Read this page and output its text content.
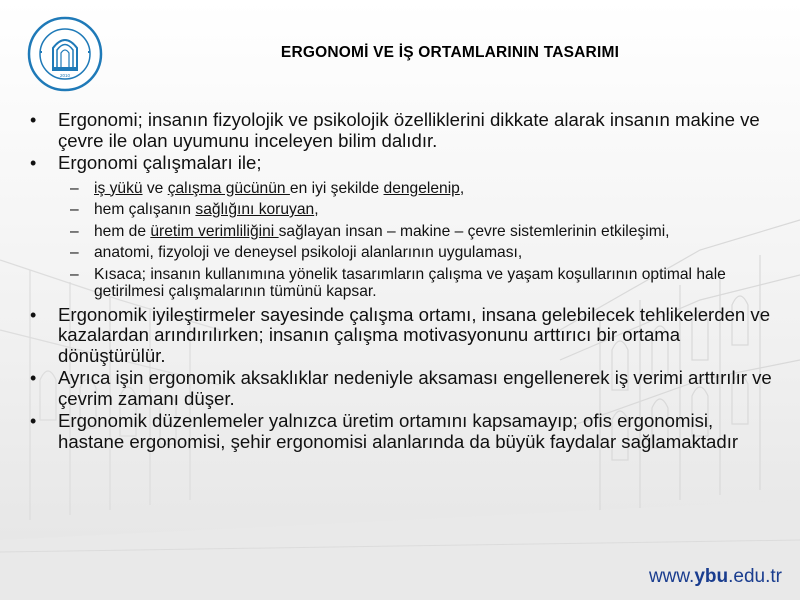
2010
ERGONOMİ VE İŞ ORTAMLARININ TASARIMI
• Ergonomi; insanın fizyolojik ve psikolojik özelliklerini dikkate alarak insanın makine ve çevre ile olan uyumunu inceleyen bilim dalıdır.
• Ergonomi çalışmaları ile;
– iş yükü ve çalışma gücünün en iyi şekilde dengelenip,
– hem çalışanın sağlığını koruyan,
– hem de üretim verimliliğini sağlayan insan – makine – çevre sistemlerinin etkileşimi,
– anatomi, fizyoloji ve deneysel psikoloji alanlarının uygulaması,
– Kısaca; insanın kullanımına yönelik tasarımların çalışma ve yaşam koşullarının optimal hale getirilmesi çalışmalarının tümünü kapsar.
• Ergonomik iyileştirmeler sayesinde çalışma ortamı, insana gelebilecek tehlikelerden ve kazalardan arındırılırken; insanın çalışma motivasyonunu arttırıcı bir ortama dönüştürülür.
• Ayrıca işin ergonomik aksaklıklar nedeniyle aksaması engellenerek iş verimi arttırılır ve çevrim zamanı düşer.
• Ergonomik düzenlemeler yalnızca üretim ortamını kapsamayıp; ofis ergonomisi, hastane ergonomisi, şehir ergonomisi alanlarında da büyük faydalar sağlamaktadır
www.ybu.edu.tr
